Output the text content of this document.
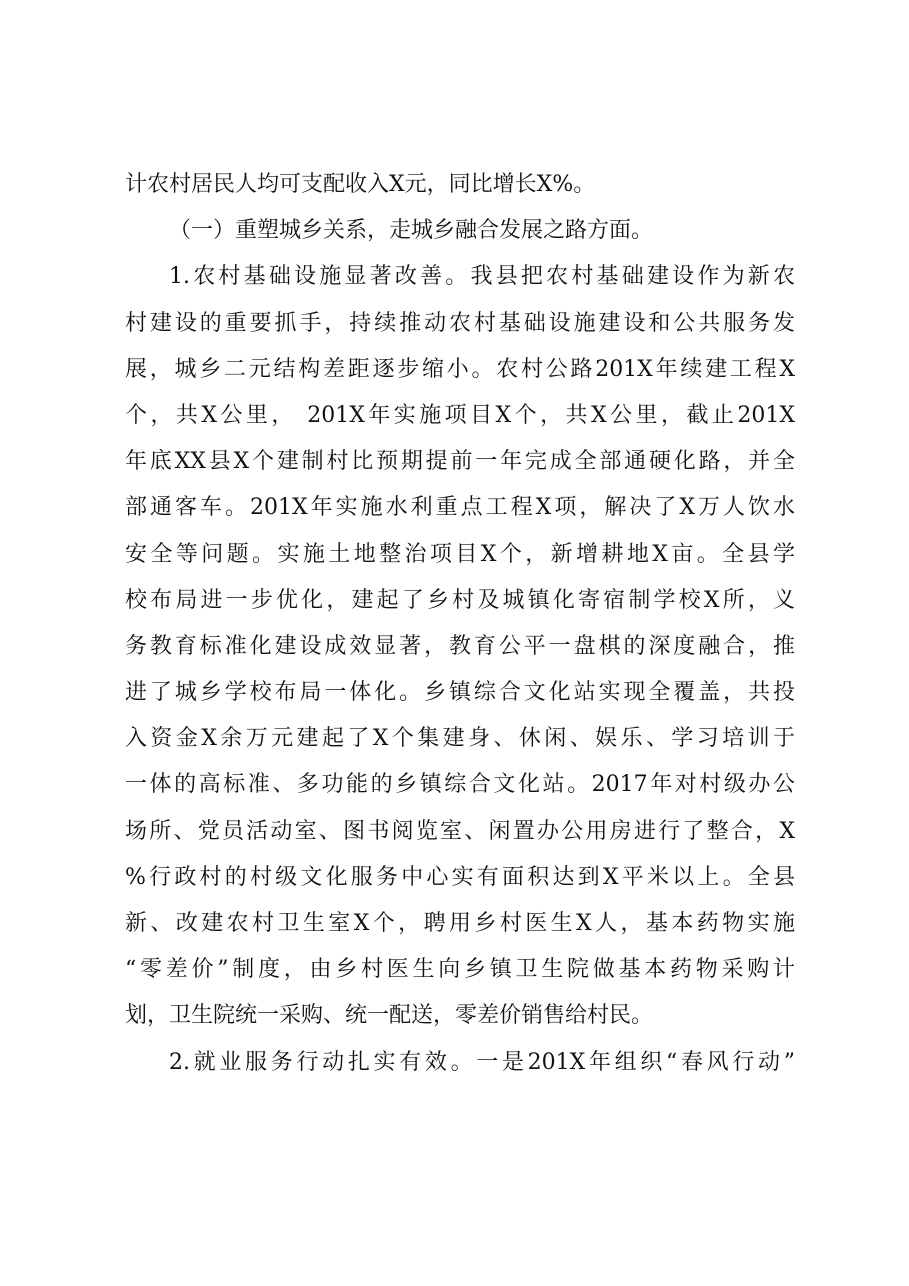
计农村居民人均可支配收入X元，同比增长X%。
（一）重塑城乡关系，走城乡融合发展之路方面。
1.农村基础设施显著改善。我县把农村基础建设作为新农
村建设的重要抓手，持续推动农村基础设施建设和公共服务发
展，城乡二元结构差距逐步缩小。农村公路201X年续建工程X
个，共X公里， 201X年实施项目X个，共X公里，截止201X
年底XX县X个建制村比预期提前一年完成全部通硬化路，并全
部通客车。201X年实施水利重点工程X项，解决了X万人饮水
安全等问题。实施土地整治项目X个，新增耕地X亩。全县学
校布局进一步优化，建起了乡村及城镇化寄宿制学校X所，义
务教育标准化建设成效显著，教育公平一盘棋的深度融合，推
进了城乡学校布局一体化。乡镇综合文化站实现全覆盖，共投
入资金X余万元建起了X个集建身、休闲、娱乐、学习培训于
一体的高标准、多功能的乡镇综合文化站。2017年对村级办公
场所、党员活动室、图书阅览室、闲置办公用房进行了整合，X
%行政村的村级文化服务中心实有面积达到X平米以上。全县
新、改建农村卫生室X个，聘用乡村医生X人，基本药物实施
“零差价”制度，由乡村医生向乡镇卫生院做基本药物采购计
划，卫生院统一采购、统一配送，零差价销售给村民。
2.就业服务行动扎实有效。一是201X年组织“春风行动”
